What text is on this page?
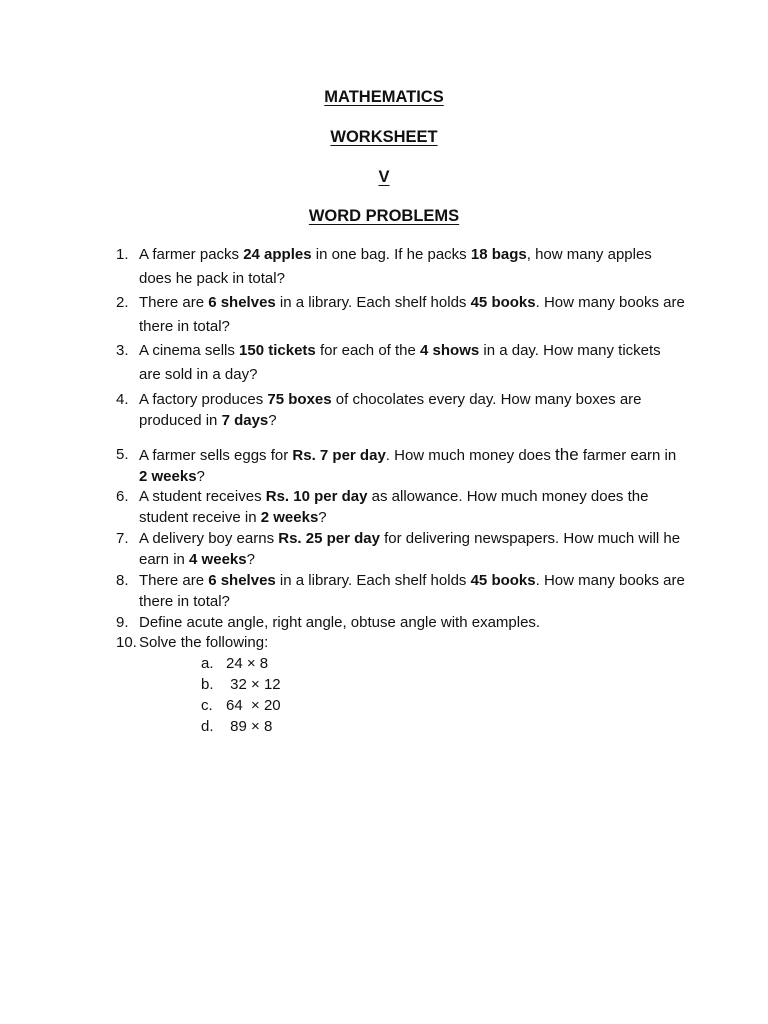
MATHEMATICS
WORKSHEET
V
WORD PROBLEMS

1. A farmer packs 24 apples in one bag. If he packs 18 bags, how many apples does he pack in total?

2. There are 6 shelves in a library. Each shelf holds 45 books. How many books are there in total?

3. A cinema sells 150 tickets for each of the 4 shows in a day. How many tickets are sold in a day?

4. A factory produces 75 boxes of chocolates every day. How many boxes are produced in 7 days?

5. A farmer sells eggs for Rs. 7 per day. How much money does the farmer earn in 2 weeks?

6. A student receives Rs. 10 per day as allowance. How much money does the student receive in 2 weeks?

7. A delivery boy earns Rs. 25 per day for delivering newspapers. How much will he earn in 4 weeks?

8. There are 6 shelves in a library. Each shelf holds 45 books. How many books are there in total?

9. Define acute angle, right angle, obtuse angle with examples.

10. Solve the following:

a. 24 × 8

b. 32 × 12

c. 64  × 20

d. 89 × 8
